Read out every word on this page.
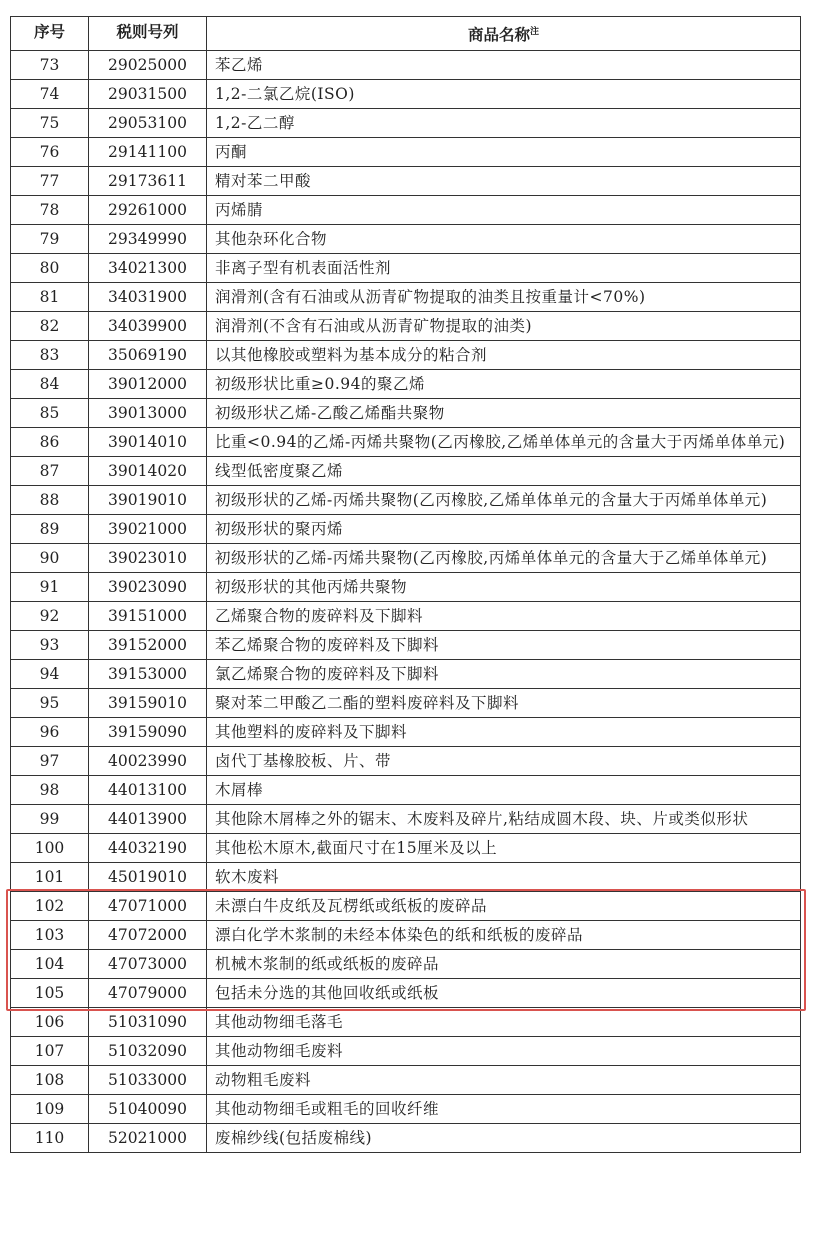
序号	税则号列	商品名称$^注$
73	29025000	苯乙烯
74	29031500	1,2-二氯乙烷(ISO)
75	29053100	1,2-乙二醇
76	29141100	丙酮
77	29173611	精对苯二甲酸
78	29261000	丙烯腈
79	29349990	其他杂环化合物
80	34021300	非离子型有机表面活性剂
81	34031900	润滑剂(含有石油或从沥青矿物提取的油类且按重量计<70%)
82	34039900	润滑剂(不含有石油或从沥青矿物提取的油类)
83	35069190	以其他橡胶或塑料为基本成分的粘合剂
84	39012000	初级形状比重≥0.94的聚乙烯
85	39013000	初级形状乙烯-乙酸乙烯酯共聚物
86	39014010	比重<0.94的乙烯-丙烯共聚物(乙丙橡胶,乙烯单体单元的含量大于丙烯单体单元)
87	39014020	线型低密度聚乙烯
88	39019010	初级形状的乙烯-丙烯共聚物(乙丙橡胶,乙烯单体单元的含量大于丙烯单体单元)
89	39021000	初级形状的聚丙烯
90	39023010	初级形状的乙烯-丙烯共聚物(乙丙橡胶,丙烯单体单元的含量大于乙烯单体单元)
91	39023090	初级形状的其他丙烯共聚物
92	39151000	乙烯聚合物的废碎料及下脚料
93	39152000	苯乙烯聚合物的废碎料及下脚料
94	39153000	氯乙烯聚合物的废碎料及下脚料
95	39159010	聚对苯二甲酸乙二酯的塑料废碎料及下脚料
96	39159090	其他塑料的废碎料及下脚料
97	40023990	卤代丁基橡胶板、片、带
98	44013100	木屑棒
99	44013900	其他除木屑棒之外的锯末、木废料及碎片,粘结成圆木段、块、片或类似形状
100	44032190	其他松木原木,截面尺寸在15厘米及以上
101	45019010	软木废料
102	47071000	未漂白牛皮纸及瓦楞纸或纸板的废碎品
103	47072000	漂白化学木浆制的未经本体染色的纸和纸板的废碎品
104	47073000	机械木浆制的纸或纸板的废碎品
105	47079000	包括未分选的其他回收纸或纸板
106	51031090	其他动物细毛落毛
107	51032090	其他动物细毛废料
108	51033000	动物粗毛废料
109	51040090	其他动物细毛或粗毛的回收纤维
110	52021000	废棉纱线(包括废棉线)
